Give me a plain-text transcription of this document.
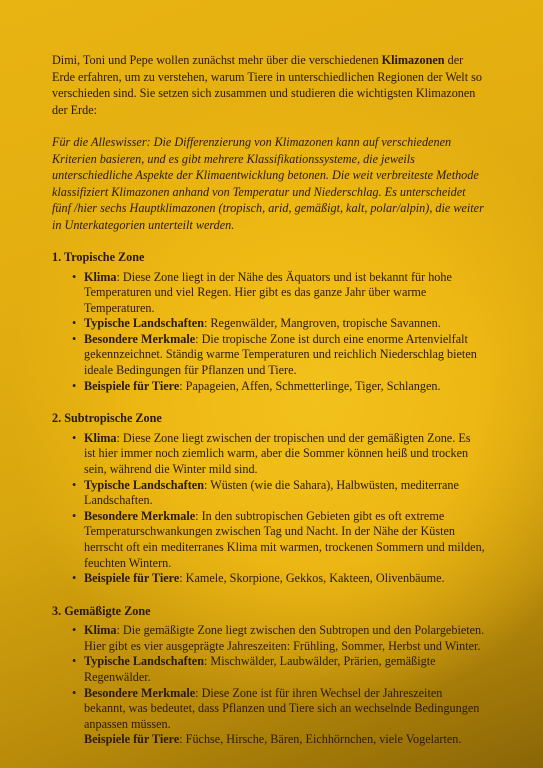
Dimi, Toni und Pepe wollen zunächst mehr über die verschiedenen Klimazonen der Erde erfahren, um zu verstehen, warum Tiere in unterschiedlichen Regionen der Welt so verschieden sind. Sie setzen sich zusammen und studieren die wichtigsten Klimazonen der Erde:

Für die Alleswisser: Die Differenzierung von Klimazonen kann auf verschiedenen Kriterien basieren, und es gibt mehrere Klassifikationssysteme, die jeweils unterschiedliche Aspekte der Klimaentwicklung betonen. Die weit verbreiteste Methode klassifiziert Klimazonen anhand von Temperatur und Niederschlag. Es unterscheidet fünf /hier sechs Hauptklimazonen (tropisch, arid, gemäßigt, kalt, polar/alpin), die weiter in Unterkategorien unterteilt werden.

1. Tropische Zone
• Klima: Diese Zone liegt in der Nähe des Äquators und ist bekannt für hohe Temperaturen und viel Regen. Hier gibt es das ganze Jahr über warme Temperaturen.
• Typische Landschaften: Regenwälder, Mangroven, tropische Savannen.
• Besondere Merkmale: Die tropische Zone ist durch eine enorme Artenvielfalt gekennzeichnet. Ständig warme Temperaturen und reichlich Niederschlag bieten ideale Bedingungen für Pflanzen und Tiere.
• Beispiele für Tiere: Papageien, Affen, Schmetterlinge, Tiger, Schlangen.
2. Subtropische Zone
• Klima: Diese Zone liegt zwischen der tropischen und der gemäßigten Zone. Es ist hier immer noch ziemlich warm, aber die Sommer können heiß und trocken sein, während die Winter mild sind.
• Typische Landschaften: Wüsten (wie die Sahara), Halbwüsten, mediterrane Landschaften.
• Besondere Merkmale: In den subtropischen Gebieten gibt es oft extreme Temperaturschwankungen zwischen Tag und Nacht. In der Nähe der Küsten herrscht oft ein mediterranes Klima mit warmen, trockenen Sommern und milden, feuchten Wintern.
• Beispiele für Tiere: Kamele, Skorpione, Gekkos, Kakteen, Olivenbäume.
3. Gemäßigte Zone
• Klima: Die gemäßigte Zone liegt zwischen den Subtropen und den Polargebieten. Hier gibt es vier ausgeprägte Jahreszeiten: Frühling, Sommer, Herbst und Winter.
• Typische Landschaften: Mischwälder, Laubwälder, Prärien, gemäßigte Regenwälder.
• Besondere Merkmale: Diese Zone ist für ihren Wechsel der Jahreszeiten bekannt, was bedeutet, dass Pflanzen und Tiere sich an wechselnde Bedingungen anpassen müssen.
Beispiele für Tiere: Füchse, Hirsche, Bären, Eichhörnchen, viele Vogelarten.
